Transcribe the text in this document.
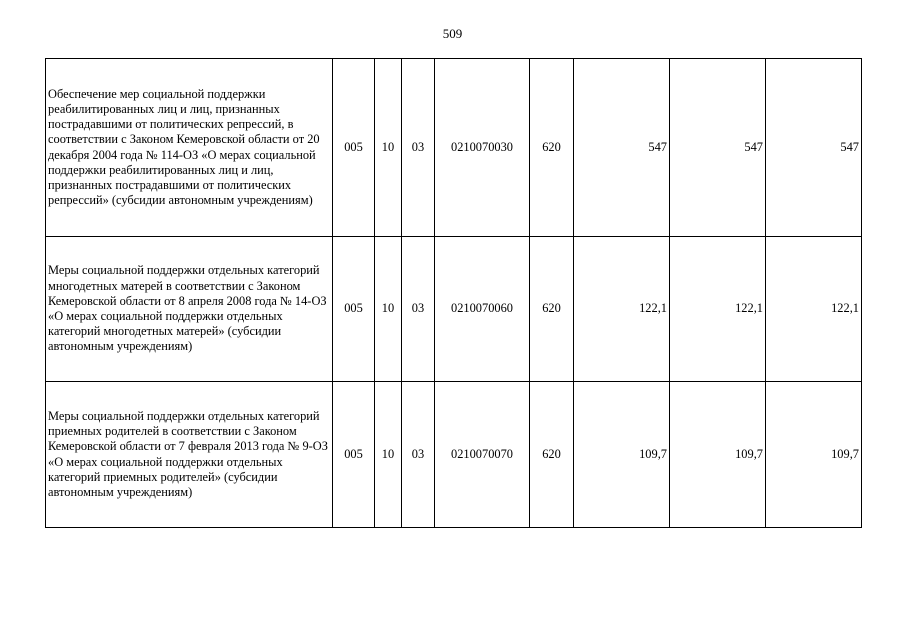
509
Обеспечение мер социальной поддержки реабилитированных лиц и лиц, признанных пострадавшими от политических репрессий, в соответствии с Законом Кемеровской области от 20 декабря 2004 года № 114-ОЗ «О мерах социальной поддержки реабилитированных лиц и лиц, признанных пострадавшими от политических репрессий» (субсидии автономным учреждениям)	005	10	03	0210070030	620	547	547	547
Меры социальной поддержки отдельных категорий многодетных матерей в соответствии с Законом Кемеровской области от 8 апреля 2008 года № 14-ОЗ «О мерах социальной поддержки отдельных категорий многодетных матерей» (субсидии автономным учреждениям)	005	10	03	0210070060	620	122,1	122,1	122,1
Меры социальной поддержки отдельных категорий приемных родителей в соответствии с Законом Кемеровской области от 7 февраля 2013 года № 9-ОЗ «О мерах социальной поддержки отдельных категорий приемных родителей» (субсидии автономным учреждениям)	005	10	03	0210070070	620	109,7	109,7	109,7
